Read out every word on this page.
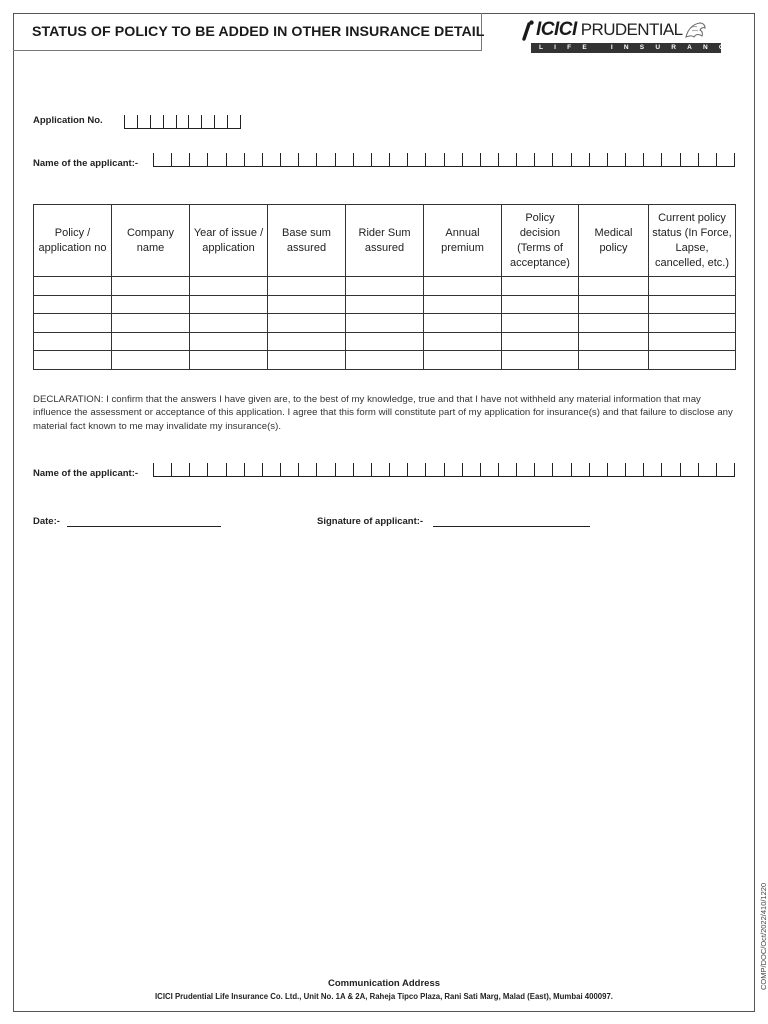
STATUS OF POLICY TO BE ADDED IN OTHER INSURANCE DETAIL	ICICI PRUDENTIAL
LIFE INSURANCE
Application No.
Name of the applicant:-
Policy / application no	Company name	Year of issue / application	Base sum assured	Rider Sum assured	Annual premium	Policy decision (Terms of acceptance)	Medical policy	Current policy status (In Force, Lapse, cancelled, etc.)

DECLARATION: I confirm that the answers I have given are, to the best of my knowledge, true and that I have not withheld any material information that may influence the assessment or acceptance of this application. I agree that this form will constitute part of my application for insurance(s) and that failure to disclose any material fact known to me may invalidate my insurance(s).

Name of the applicant:-
Date:-	Signature of applicant:-
COMP/DOC/Oct/2022/410/1220
Communication Address
ICICI Prudential Life Insurance Co. Ltd., Unit No. 1A & 2A, Raheja Tipco Plaza, Rani Sati Marg, Malad (East), Mumbai 400097.
